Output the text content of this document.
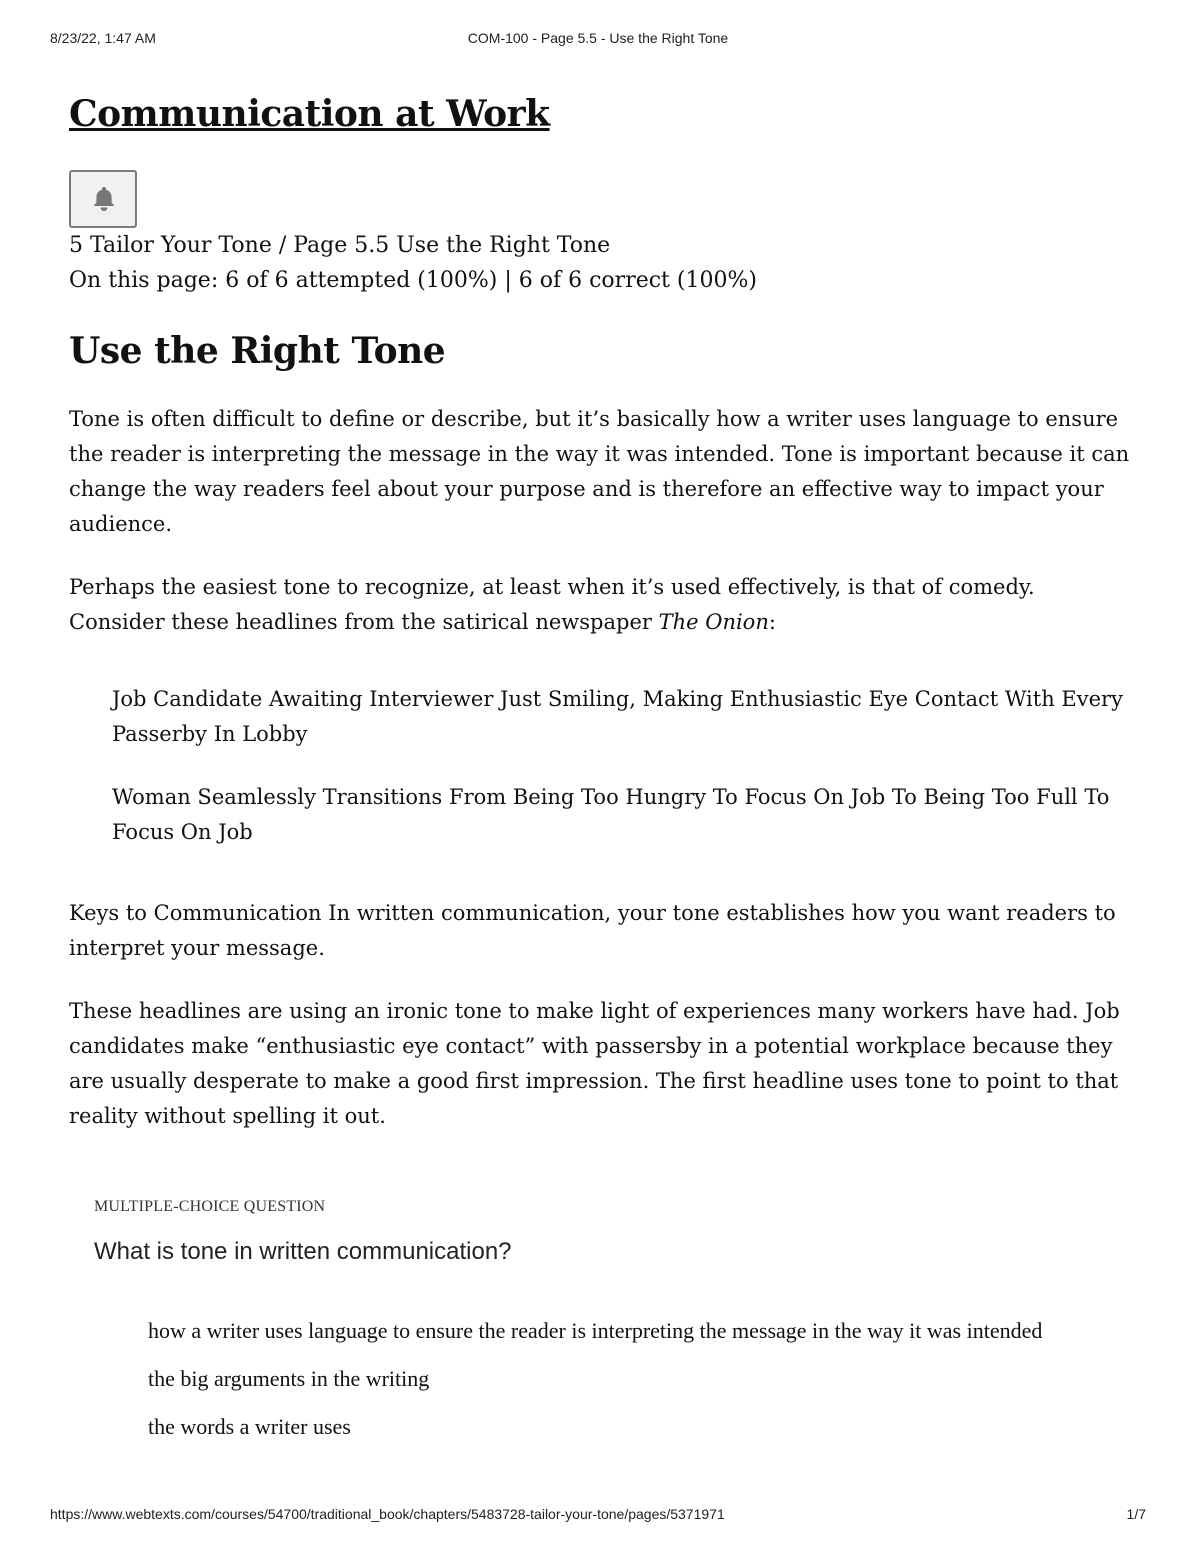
8/23/22, 1:47 AM	COM-100 - Page 5.5 - Use the Right Tone
Communication at Work
5 Tailor Your Tone / Page 5.5 Use the Right Tone
On this page: 6 of 6 attempted (100%) | 6 of 6 correct (100%)
Use the Right Tone

Tone is often difficult to define or describe, but it’s basically how a writer uses language to ensure the reader is interpreting the message in the way it was intended. Tone is important because it can change the way readers feel about your purpose and is therefore an effective way to impact your audience.

Perhaps the easiest tone to recognize, at least when it’s used effectively, is that of comedy. Consider these headlines from the satirical newspaper The Onion:

Job Candidate Awaiting Interviewer Just Smiling, Making Enthusiastic Eye Contact With Every Passerby In Lobby

Woman Seamlessly Transitions From Being Too Hungry To Focus On Job To Being Too Full To Focus On Job

Keys to Communication In written communication, your tone establishes how you want readers to interpret your message.

These headlines are using an ironic tone to make light of experiences many workers have had. Job candidates make “enthusiastic eye contact” with passersby in a potential workplace because they are usually desperate to make a good first impression. The first headline uses tone to point to that reality without spelling it out.

MULTIPLE-CHOICE QUESTION
What is tone in written communication?
how a writer uses language to ensure the reader is interpreting the message in the way it was intended
the big arguments in the writing
the words a writer uses
https://www.webtexts.com/courses/54700/traditional_book/chapters/5483728-tailor-your-tone/pages/5371971	1/7
